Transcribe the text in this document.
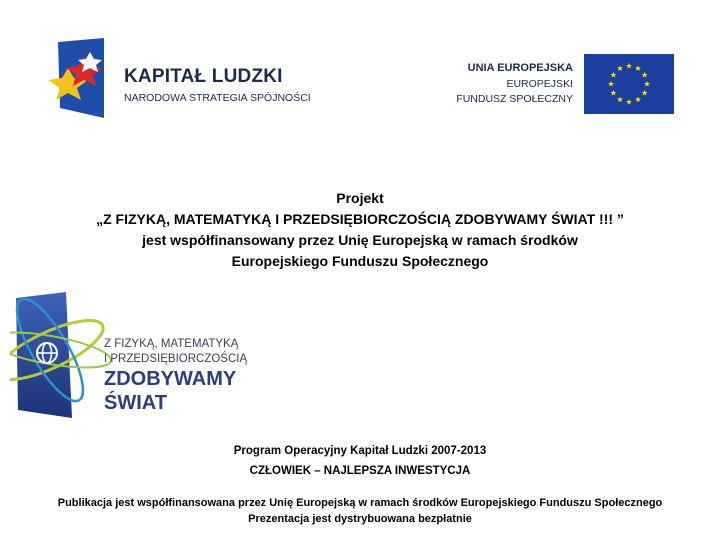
KAPITAŁ LUDZKI
NARODOWA STRATEGIA SPÓJNOŚCI
UNIA EUROPEJSKA
EUROPEJSKI
FUNDUSZ SPOŁECZNY
Projekt
„Z FIZYKĄ, MATEMATYKĄ I PRZEDSIĘBIORCZOŚCIĄ ZDOBYWAMY ŚWIAT !!! ”
jest współfinansowany przez Unię Europejską w ramach środków
Europejskiego Funduszu Społecznego
Z FIZYKĄ, MATEMATYKĄ
I PRZEDSIĘBIORCZOŚCIĄ
ZDOBYWAMY
ŚWIAT
Program Operacyjny Kapitał Ludzki 2007-2013
CZŁOWIEK – NAJLEPSZA INWESTYCJA
Publikacja jest współfinansowana przez Unię Europejską w ramach środków Europejskiego Funduszu Społecznego
Prezentacja jest dystrybuowana bezpłatnie
